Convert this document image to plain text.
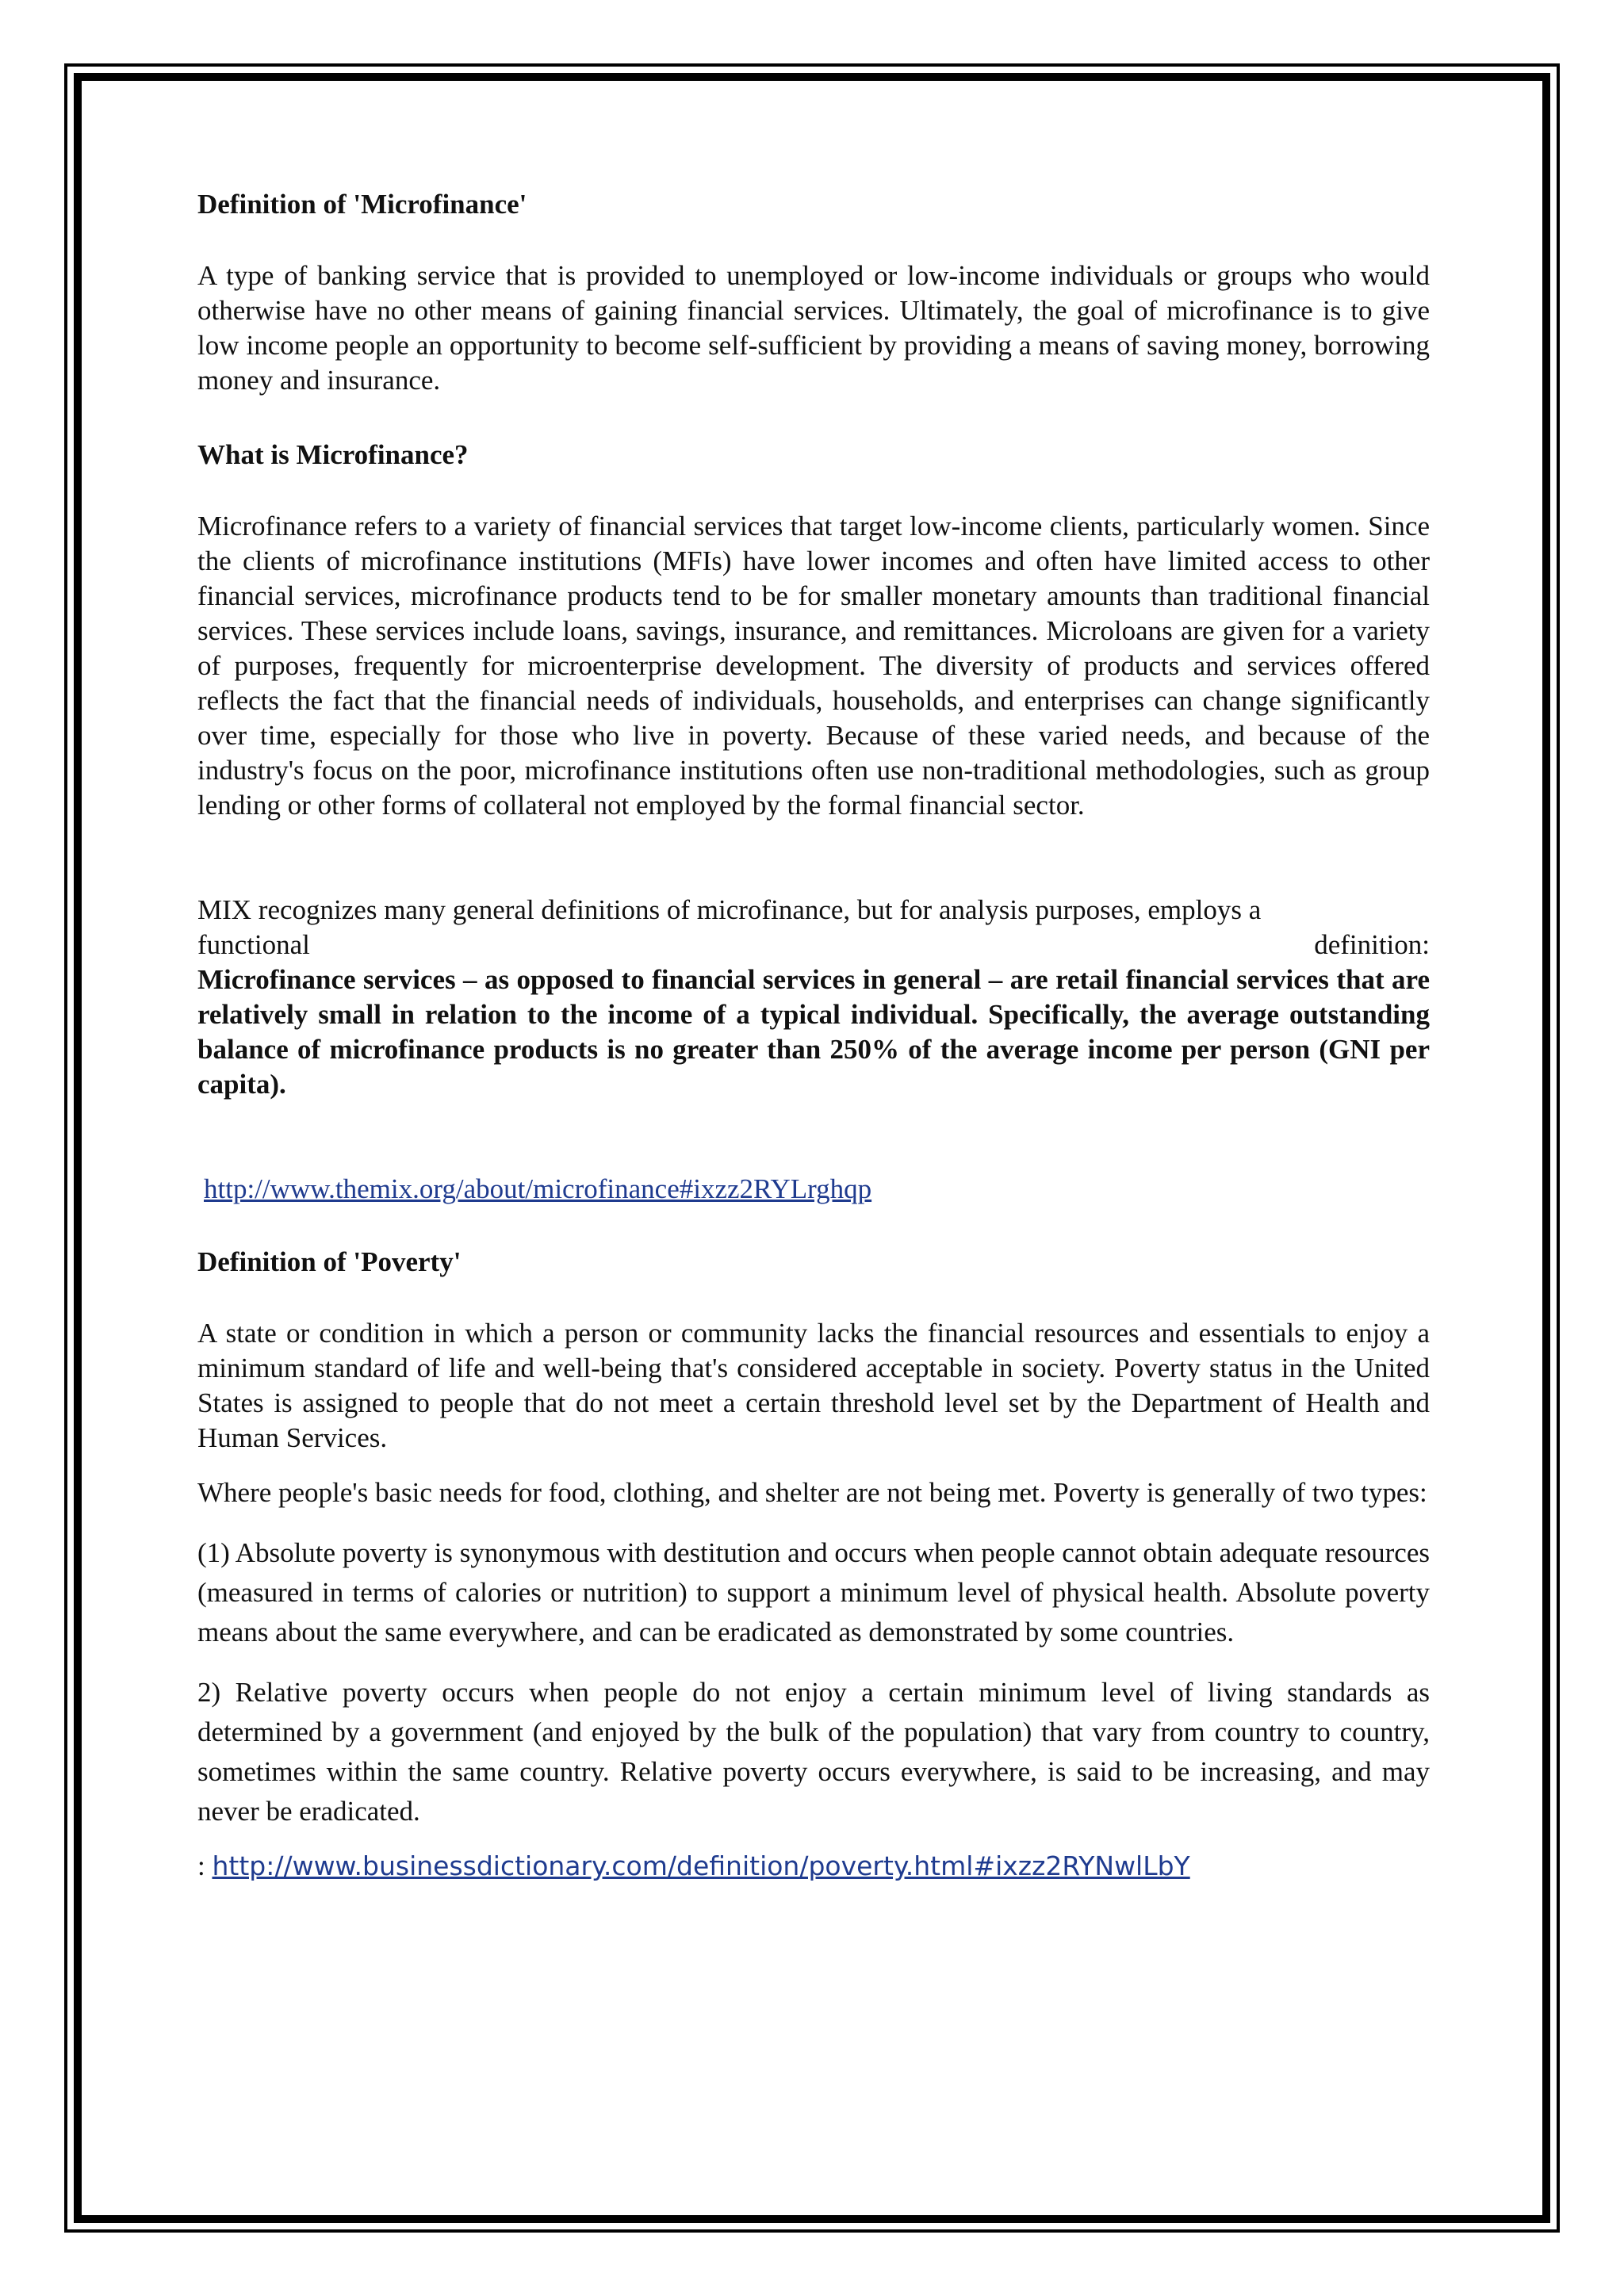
Definition of 'Microfinance'

A type of banking service that is provided to unemployed or low-income individuals or groups who would otherwise have no other means of gaining financial services. Ultimately, the goal of microfinance is to give low income people an opportunity to become self-sufficient by providing a means of saving money, borrowing money and insurance.

What is Microfinance?

Microfinance refers to a variety of financial services that target low-income clients, particularly women. Since the clients of microfinance institutions (MFIs) have lower incomes and often have limited access to other financial services, microfinance products tend to be for smaller monetary amounts than traditional financial services. These services include loans, savings, insurance, and remittances. Microloans are given for a variety of purposes, frequently for microenterprise development. The diversity of products and services offered reflects the fact that the financial needs of individuals, households, and enterprises can change significantly over time, especially for those who live in poverty. Because of these varied needs, and because of the industry's focus on the poor, microfinance institutions often use non-traditional methodologies, such as group lending or other forms of collateral not employed by the formal financial sector.

MIX recognizes many general definitions of microfinance, but for analysis purposes, employs a

functional	definition:

Microfinance services – as opposed to financial services in general – are retail financial services that are relatively small in relation to the income of a typical individual. Specifically, the average outstanding balance of microfinance products is no greater than 250% of the average income per person (GNI per capita).

http://www.themix.org/about/microfinance#ixzz2RYLrghqp

Definition of 'Poverty'

A state or condition in which a person or community lacks the financial resources and essentials to enjoy a minimum standard of life and well-being that's considered acceptable in society. Poverty status in the United States is assigned to people that do not meet a certain threshold level set by the Department of Health and Human Services.

Where people's basic needs for food, clothing, and shelter are not being met. Poverty is generally of two types:

(1) Absolute poverty is synonymous with destitution and occurs when people cannot obtain adequate resources (measured in terms of calories or nutrition) to support a minimum level of physical health. Absolute poverty means about the same everywhere, and can be eradicated as demonstrated by some countries.

2) Relative poverty occurs when people do not enjoy a certain minimum level of living standards as determined by a government (and enjoyed by the bulk of the population) that vary from country to country, sometimes within the same country. Relative poverty occurs everywhere, is said to be increasing, and may never be eradicated.

: http://www.businessdictionary.com/definition/poverty.html#ixzz2RYNwlLbY
